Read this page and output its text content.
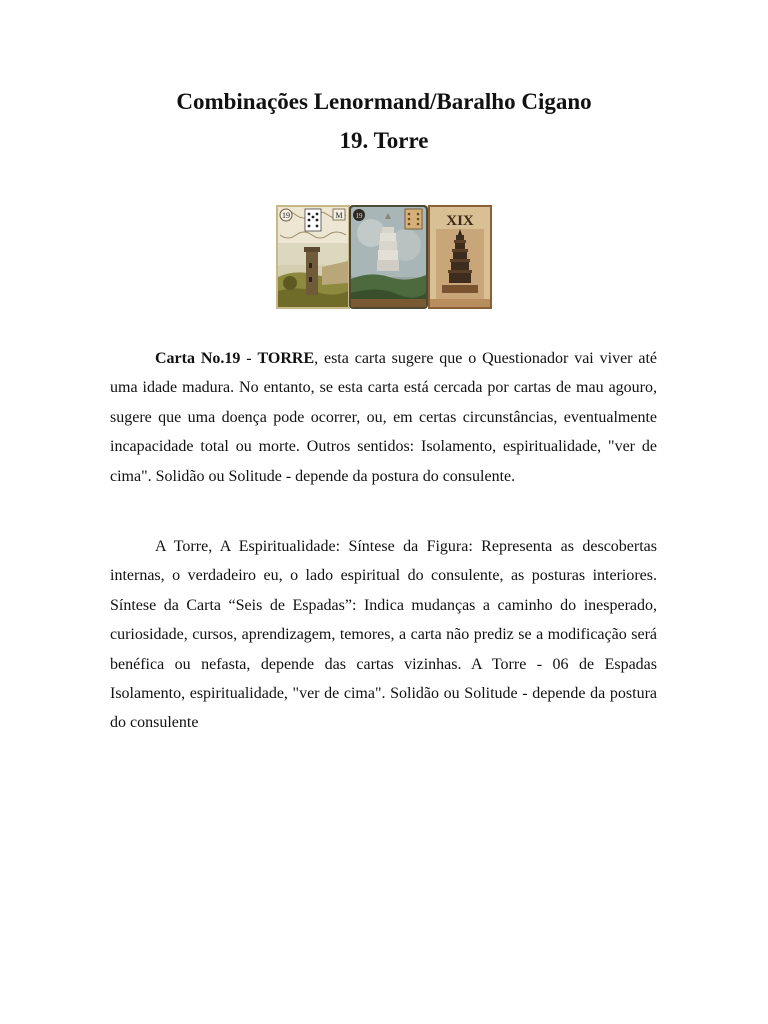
Combinações Lenormand/Baralho Cigano
19. Torre
19	M 19	XIX

Carta No.19 - TORRE, esta carta sugere que o Questionador vai viver até uma idade madura. No entanto, se esta carta está cercada por cartas de mau agouro, sugere que uma doença pode ocorrer, ou, em certas circunstâncias, eventualmente incapacidade total ou morte. Outros sentidos: Isolamento, espiritualidade, "ver de cima". Solidão ou Solitude - depende da postura do consulente.

A Torre, A Espiritualidade: Síntese da Figura: Representa as descobertas internas, o verdadeiro eu, o lado espiritual do consulente, as posturas interiores. Síntese da Carta “Seis de Espadas”: Indica mudanças a caminho do inesperado, curiosidade, cursos, aprendizagem, temores, a carta não prediz se a modificação será benéfica ou nefasta, depende das cartas vizinhas. A Torre - 06 de Espadas Isolamento, espiritualidade, "ver de cima". Solidão ou Solitude - depende da postura do consulente
